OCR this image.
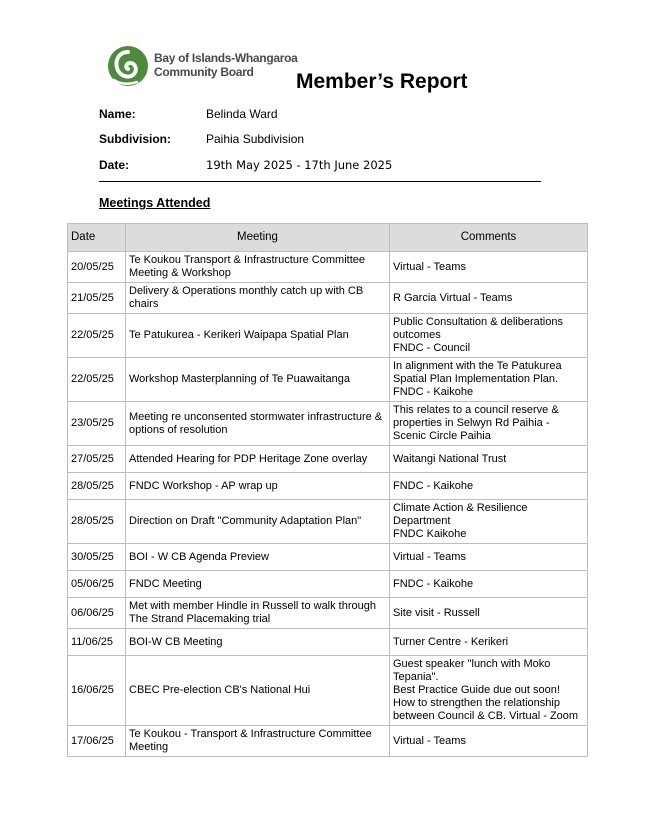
Bay of Islands-Whangaroa
Community Board	Member’s Report
Name:	Belinda Ward
Subdivision:	Paihia Subdivision
Date:	19th May 2025 - 17th June 2025
Meetings Attended
Date	Meeting	Comments
20/05/25	Te Koukou Transport & Infrastructure Committee Meeting & Workshop	Virtual - Teams
21/05/25	Delivery & Operations monthly catch up with CB chairs	R Garcia Virtual - Teams
22/05/25	Te Patukurea - Kerikeri Waipapa Spatial Plan	Public Consultation & deliberations outcomes
FNDC - Council
22/05/25	Workshop Masterplanning of Te Puawaitanga	In alignment with the Te Patukurea Spatial Plan Implementation Plan.
FNDC - Kaikohe
23/05/25	Meeting re unconsented stormwater infrastructure & options of resolution	This relates to a council reserve & properties in Selwyn Rd Paihia - Scenic Circle Paihia
27/05/25	Attended Hearing for PDP Heritage Zone overlay	Waitangi National Trust
28/05/25	FNDC Workshop - AP wrap up	FNDC - Kaikohe
28/05/25	Direction on Draft "Community Adaptation Plan"	Climate Action & Resilience Department
FNDC Kaikohe
30/05/25	BOI - W CB Agenda Preview	Virtual - Teams
05/06/25	FNDC Meeting	FNDC - Kaikohe
06/06/25	Met with member Hindle in Russell to walk through The Strand Placemaking trial	Site visit - Russell
11/06/25	BOI-W CB Meeting	Turner Centre - Kerikeri
16/06/25	CBEC Pre-election CB's National Hui	Guest speaker "lunch with Moko Tepania".
Best Practice Guide due out soon! How to strengthen the relationship between Council & CB. Virtual - Zoom
17/06/25	Te Koukou - Transport & Infrastructure Committee Meeting	Virtual - Teams
